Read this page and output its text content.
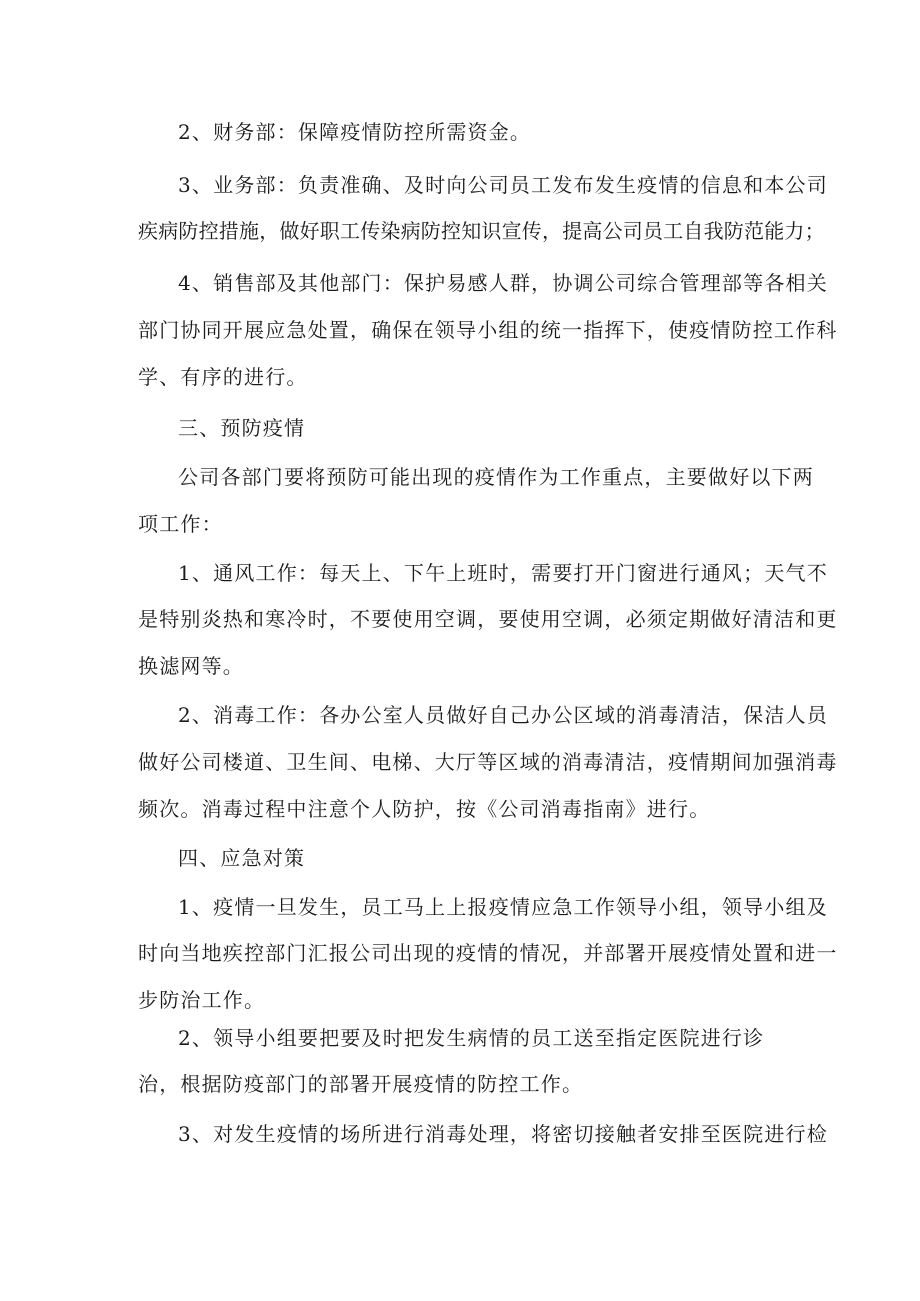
2、财务部：保障疫情防控所需资金。
3、业务部：负责准确、及时向公司员工发布发生疫情的信息和本公司
疾病防控措施，做好职工传染病防控知识宣传，提高公司员工自我防范能力；
4、销售部及其他部门：保护易感人群，协调公司综合管理部等各相关
部门协同开展应急处置，确保在领导小组的统一指挥下，使疫情防控工作科
学、有序的进行。
三、预防疫情
公司各部门要将预防可能出现的疫情作为工作重点，主要做好以下两
项工作：
1、通风工作：每天上、下午上班时，需要打开门窗进行通风；天气不
是特别炎热和寒冷时，不要使用空调，要使用空调，必须定期做好清洁和更
换滤网等。
2、消毒工作：各办公室人员做好自己办公区域的消毒清洁，保洁人员
做好公司楼道、卫生间、电梯、大厅等区域的消毒清洁，疫情期间加强消毒
频次。消毒过程中注意个人防护，按《公司消毒指南》进行。
四、应急对策
1、疫情一旦发生，员工马上上报疫情应急工作领导小组，领导小组及
时向当地疾控部门汇报公司出现的疫情的情况，并部署开展疫情处置和进一
步防治工作。
2、领导小组要把要及时把发生病情的员工送至指定医院进行诊
治，根据防疫部门的部署开展疫情的防控工作。
3、对发生疫情的场所进行消毒处理，将密切接触者安排至医院进行检
